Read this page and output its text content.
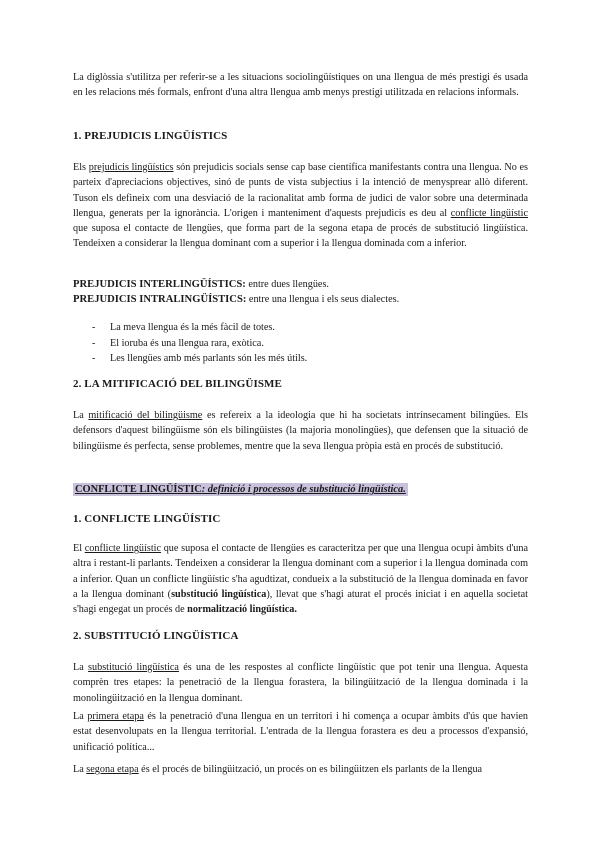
La diglòssia s'utilitza per referir-se a les situacions sociolingüístiques on una llengua de més prestigi és usada en les relacions més formals, enfront d'una altra llengua amb menys prestigi utilitzada en relacions informals.

1. PREJUDICIS LINGÜÍSTICS

Els prejudicis lingüístics són prejudicis socials sense cap base científica manifestants contra una llengua. No es parteix d'apreciacions objectives, sinó de punts de vista subjectius i la intenció de menysprear allò diferent. Tuson els defineix com una desviació de la racionalitat amb forma de judici de valor sobre una determinada llengua, generats per la ignorància. L'origen i manteniment d'aquests prejudicis es deu al conflicte lingüístic que suposa el contacte de llengües, que forma part de la segona etapa de procés de substitució lingüística. Tendeixen a considerar la llengua dominant com a superior i la llengua dominada com a inferior.

PREJUDICIS INTERLINGÜÍSTICS: entre dues llengües.
PREJUDICIS INTRALINGÜÍSTICS: entre una llengua i els seus dialectes.
- La meva llengua és la més fàcil de totes.
- El ioruba és una llengua rara, exòtica.
- Les llengües amb més parlants són les més útils.
2. LA MITIFICACIÓ DEL BILINGÜISME

La mitificació del bilingüisme es refereix a la ideologia que hi ha societats intrínsecament bilingües. Els defensors d'aquest bilingüisme són els bilingüistes (la majoria monolingües), que defensen que la situació de bilingüisme és perfecta, sense problemes, mentre que la seva llengua pròpia està en procés de substitució.

CONFLICTE LINGÜÍSTIC: definició i processos de substitució lingüística.
1. CONFLICTE LINGÜÍSTIC

El conflicte lingüístic que suposa el contacte de llengües es caracteritza per que una llengua ocupi àmbits d'una altra i restant-li parlants. Tendeixen a considerar la llengua dominant com a superior i la llengua dominada com a inferior. Quan un conflicte lingüístic s'ha agudtizat, condueix a la substitució de la llengua dominada en favor a la llengua dominant (substitució lingüística), llevat que s'hagi aturat el procés iniciat i en aquella societat s'hagi engegat un procés de normalització lingüística.

2. SUBSTITUCIÓ LINGÜÍSTICA

La substitució lingüística és una de les respostes al conflicte lingüístic que pot tenir una llengua. Aquesta comprèn tres etapes: la penetració de la llengua forastera, la bilingüització de la llengua dominada i la monolingüització en la llengua dominant.

La primera etapa és la penetració d'una llengua en un territori i hi comença a ocupar àmbits d'ús que havien estat desenvolupats en la llengua territorial. L'entrada de la llengua forastera es deu a processos d'expansió, unificació política...

La segona etapa és el procés de bilingüització, un procés on es bilingüitzen els parlants de la llengua
